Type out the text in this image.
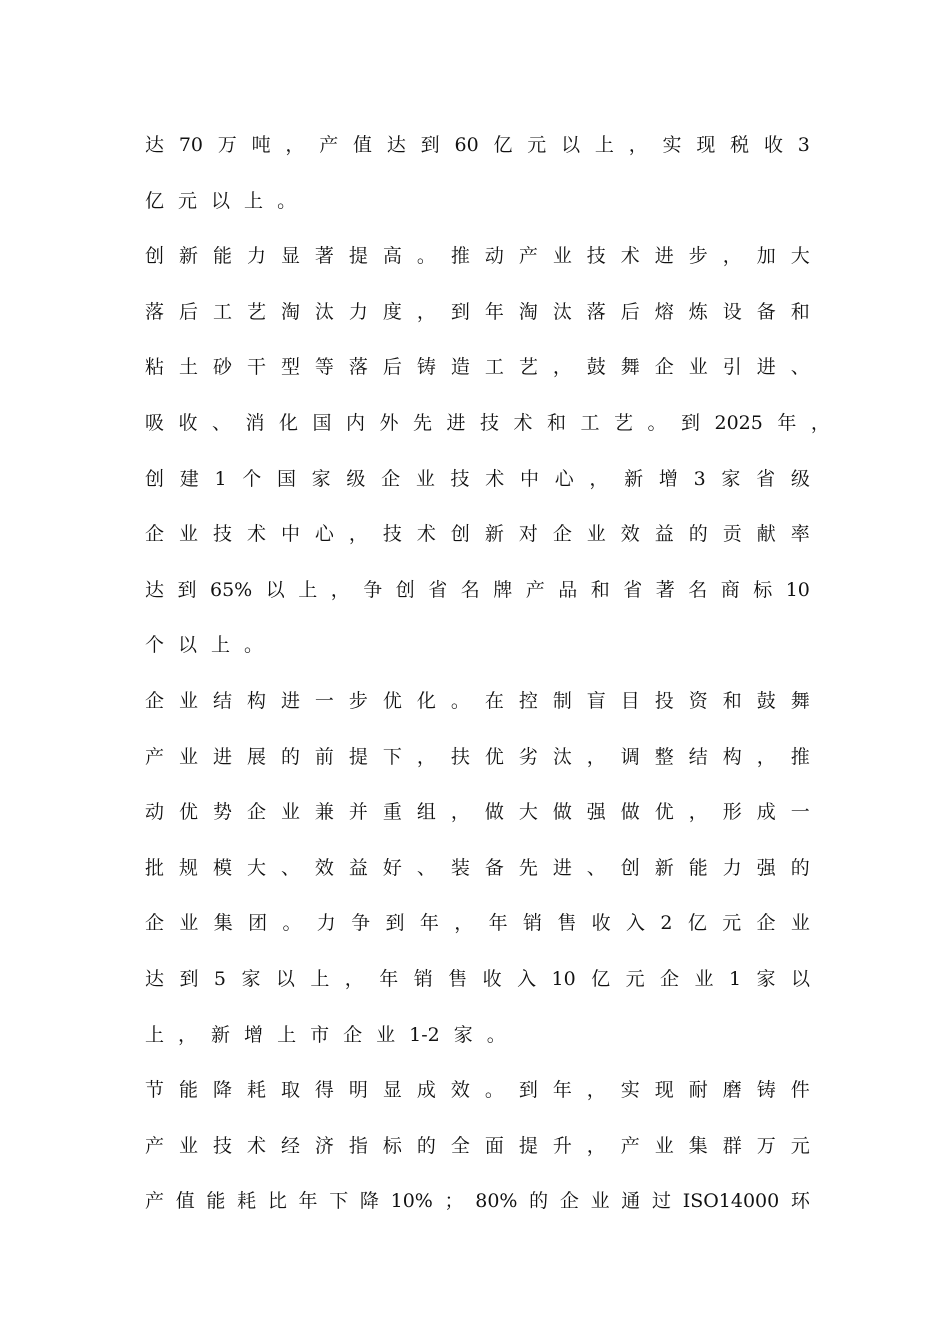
达 70 万 吨 ， 产 值 达 到 60 亿 元 以 上 ， 实 现 税 收 3
亿 元 以 上 。
创 新 能 力 显 著 提 高 。 推 动 产 业 技 术 进 步 ， 加 大
落 后 工 艺 淘 汰 力 度 ， 到 年 淘 汰 落 后 熔 炼 设 备 和
粘 土 砂 干 型 等 落 后 铸 造 工 艺 ， 鼓 舞 企 业 引 进 、
吸 收 、 消 化 国 内 外 先 进 技 术 和 工 艺 。 到 2025 年 ，
创 建 1 个 国 家 级 企 业 技 术 中 心 ， 新 增 3 家 省 级
企 业 技 术 中 心 ， 技 术 创 新 对 企 业 效 益 的 贡 献 率
达 到 65% 以 上 ， 争 创 省 名 牌 产 品 和 省 著 名 商 标 10
个 以 上 。
企 业 结 构 进 一 步 优 化 。 在 控 制 盲 目 投 资 和 鼓 舞
产 业 进 展 的 前 提 下 ， 扶 优 劣 汰 ， 调 整 结 构 ， 推
动 优 势 企 业 兼 并 重 组 ， 做 大 做 强 做 优 ， 形 成 一
批 规 模 大 、 效 益 好 、 装 备 先 进 、 创 新 能 力 强 的
企 业 集 团 。 力 争 到 年 ， 年 销 售 收 入 2 亿 元 企 业
达 到 5 家 以 上 ， 年 销 售 收 入 10 亿 元 企 业 1 家 以
上 ， 新 增 上 市 企 业 1-2 家 。
节 能 降 耗 取 得 明 显 成 效 。 到 年 ， 实 现 耐 磨 铸 件
产 业 技 术 经 济 指 标 的 全 面 提 升 ， 产 业 集 群 万 元
产 值 能 耗 比 年 下 降 10% ； 80% 的 企 业 通 过 ISO14000 环
